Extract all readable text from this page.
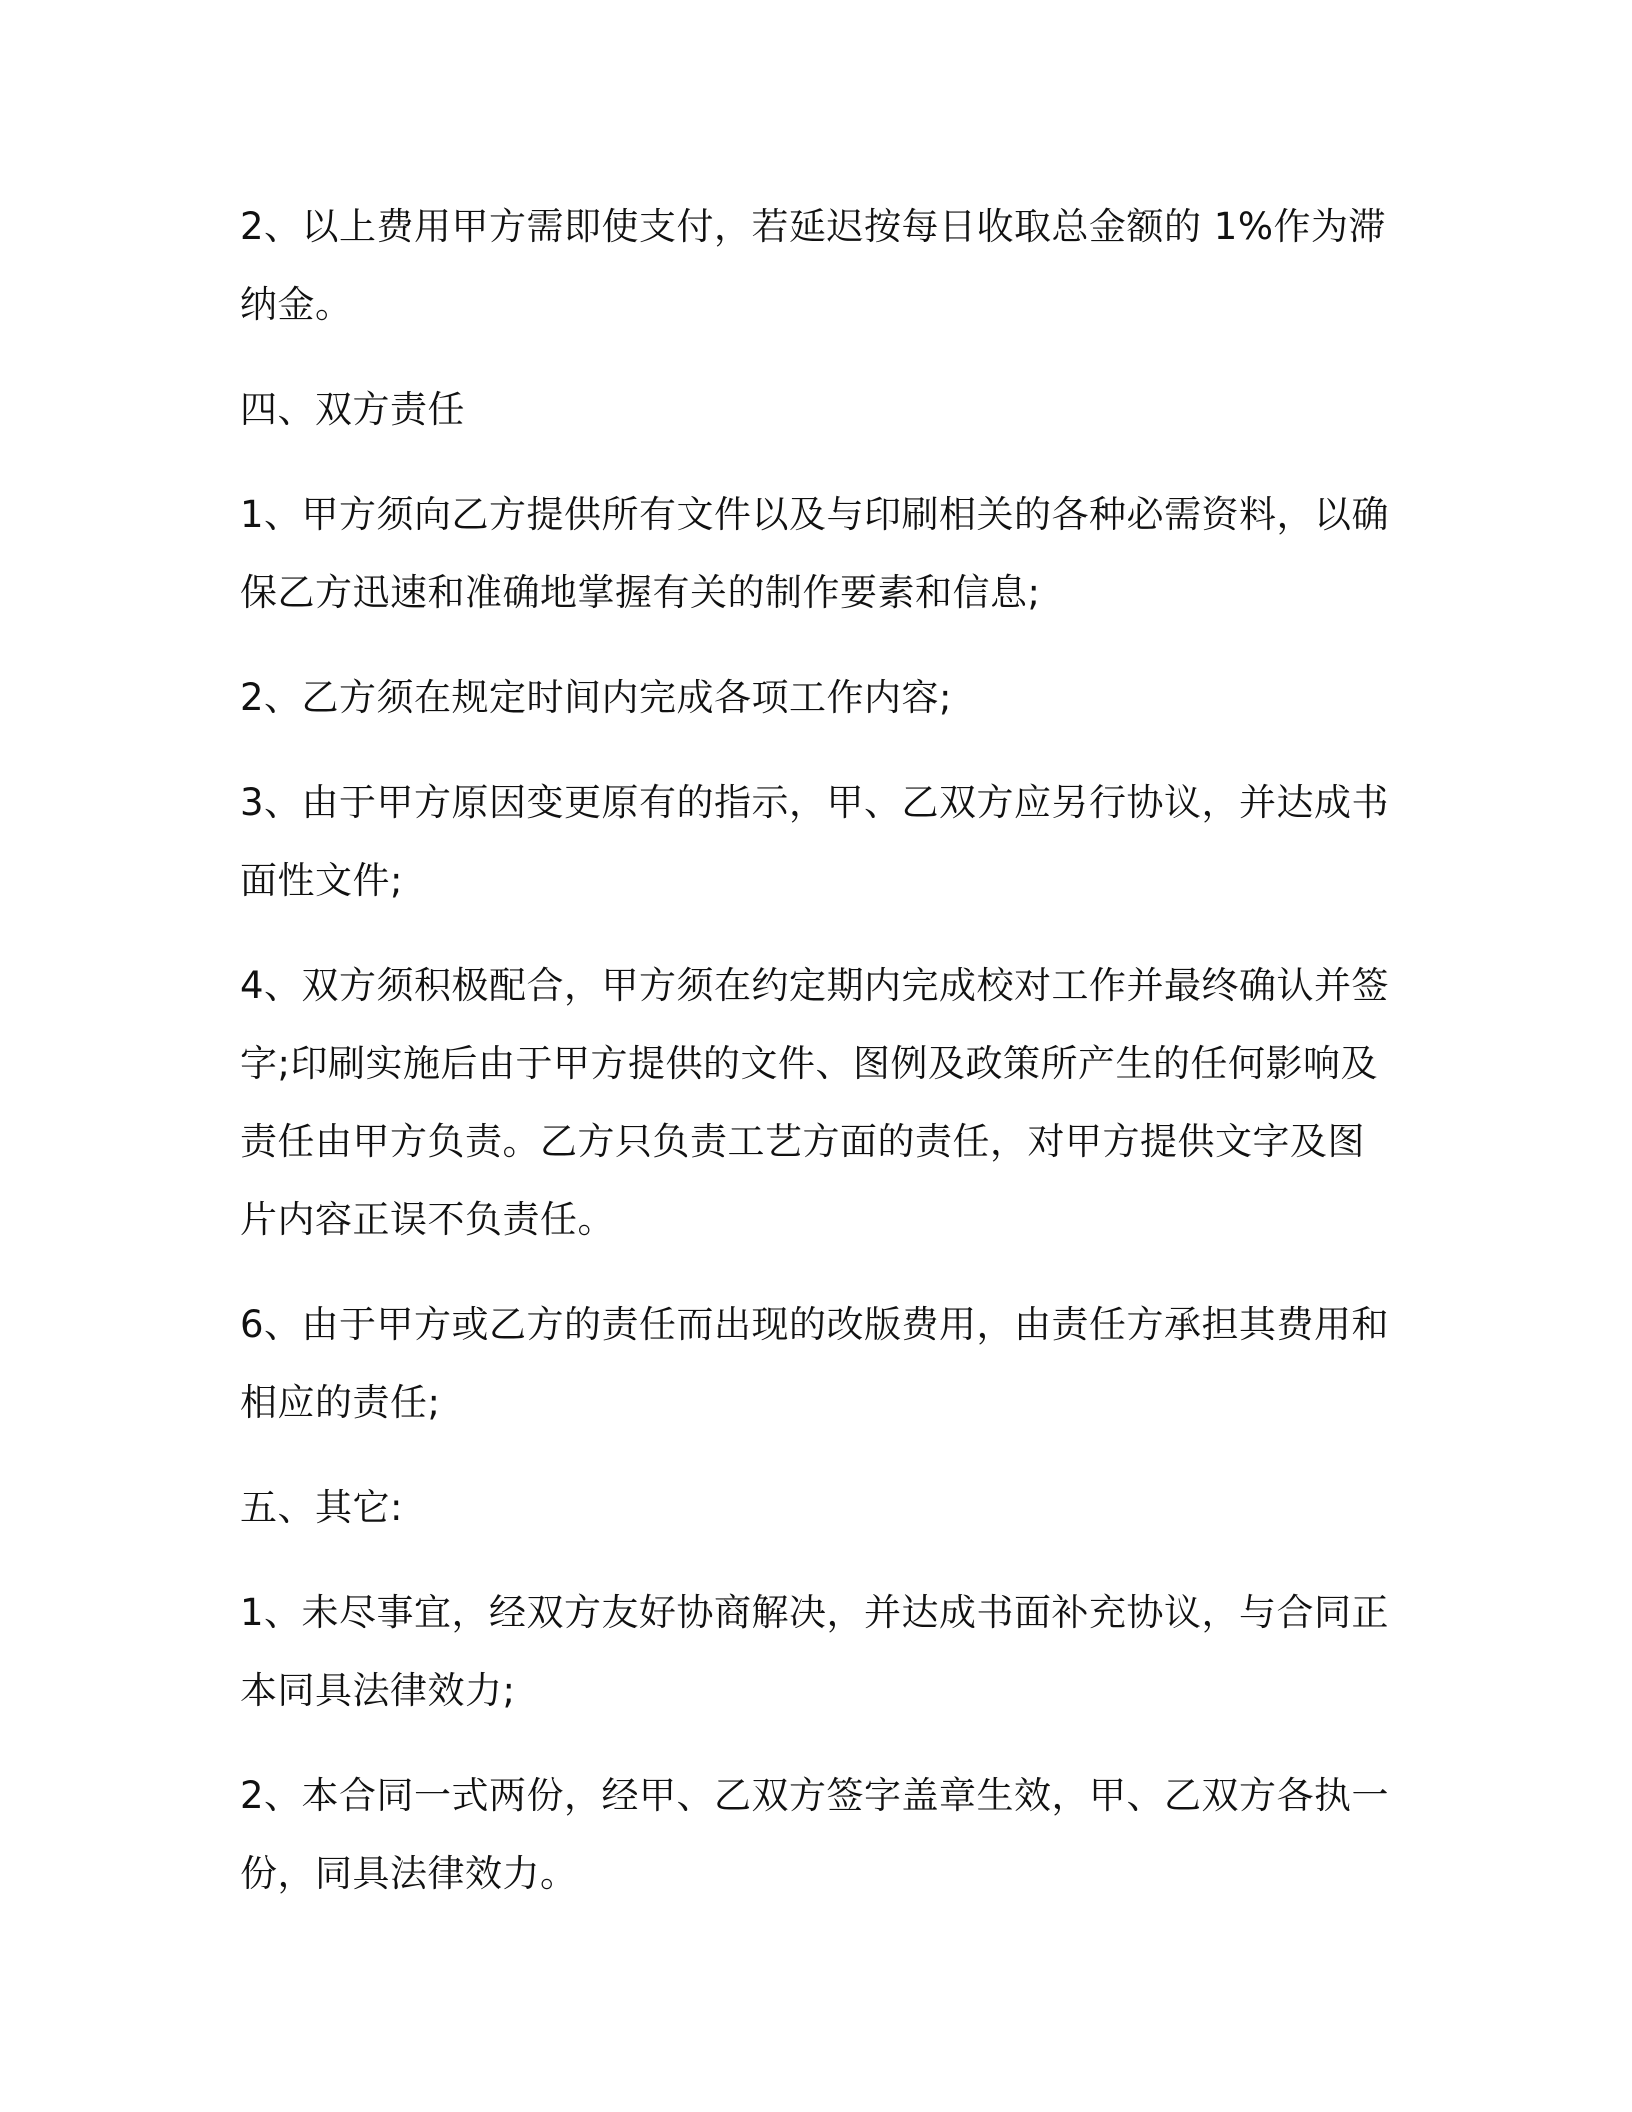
2、以上费用甲方需即使支付，若延迟按每日收取总金额的 1%作为滞纳金。

四、双方责任

1、甲方须向乙方提供所有文件以及与印刷相关的各种必需资料，以确保乙方迅速和准确地掌握有关的制作要素和信息;

2、乙方须在规定时间内完成各项工作内容;

3、由于甲方原因变更原有的指示，甲、乙双方应另行协议，并达成书面性文件;

4、双方须积极配合，甲方须在约定期内完成校对工作并最终确认并签字;印刷实施后由于甲方提供的文件、图例及政策所产生的任何影响及责任由甲方负责。乙方只负责工艺方面的责任，对甲方提供文字及图片内容正误不负责任。

6、由于甲方或乙方的责任而出现的改版费用，由责任方承担其费用和相应的责任;

五、其它:

1、未尽事宜，经双方友好协商解决，并达成书面补充协议，与合同正本同具法律效力;

2、本合同一式两份，经甲、乙双方签字盖章生效，甲、乙双方各执一份，同具法律效力。
